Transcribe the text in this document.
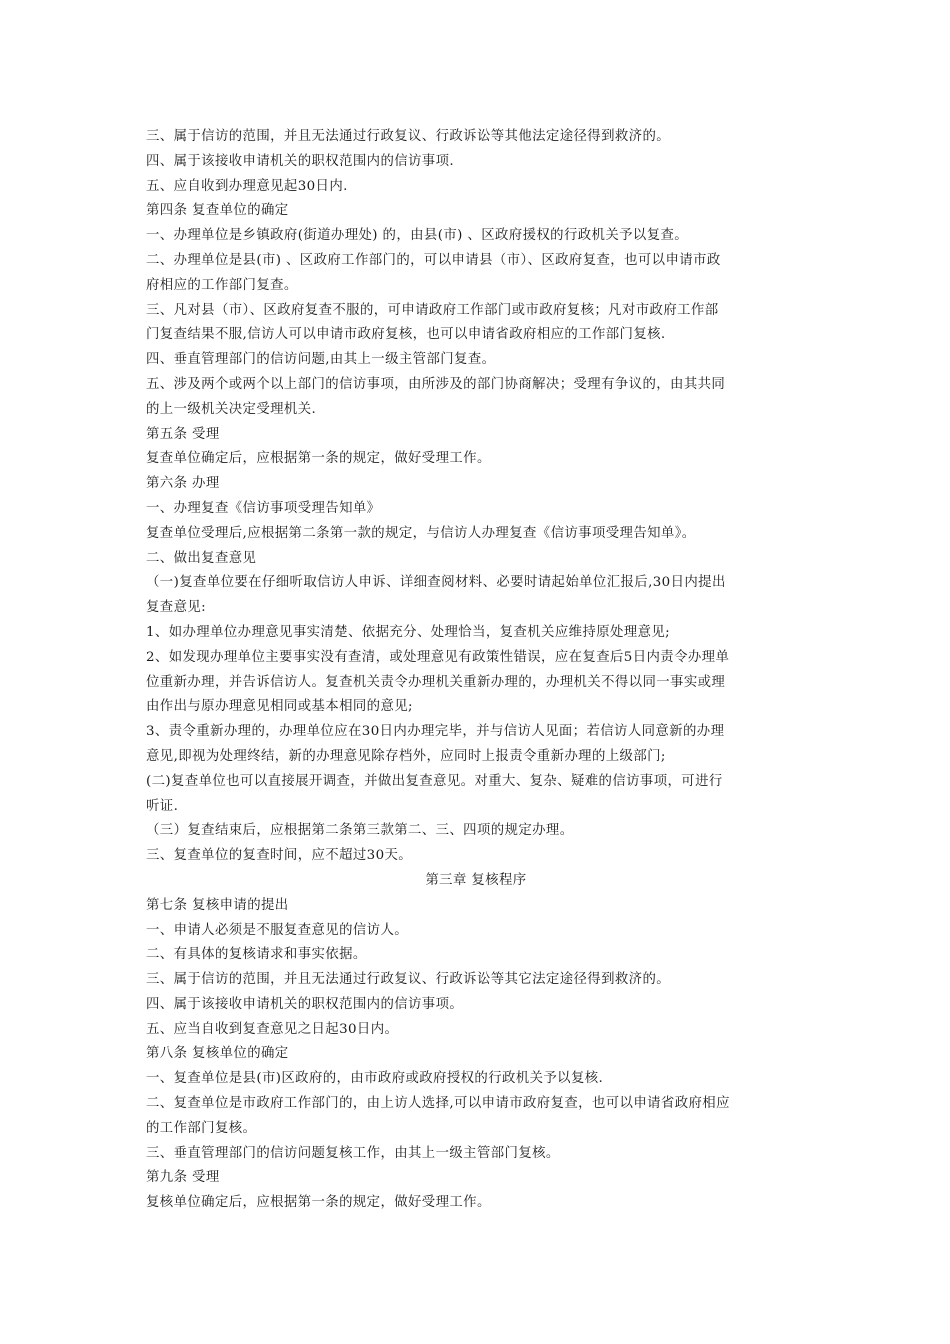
三、属于信访的范围，并且无法通过行政复议、行政诉讼等其他法定途径得到救济的。
四、属于该接收申请机关的职权范围内的信访事项.
五、应自收到办理意见起30日内.
第四条 复查单位的确定
一、办理单位是乡镇政府(街道办理处) 的，由县(市) 、区政府援权的行政机关予以复查。
二、办理单位是县(市) 、区政府工作部门的，可以申请县（市）、区政府复查，也可以申请市政
府相应的工作部门复查。
三、凡对县（市）、区政府复查不服的，可申请政府工作部门或市政府复核；凡对市政府工作部
门复查结果不服,信访人可以申请市政府复核，也可以申请省政府相应的工作部门复核.
四、垂直管理部门的信访问题,由其上一级主管部门复查。
五、涉及两个或两个以上部门的信访事项，由所涉及的部门协商解决；受理有争议的，由其共同
的上一级机关决定受理机关.
第五条 受理
复查单位确定后，应根据第一条的规定，做好受理工作。
第六条 办理
一、办理复查《信访事项受理告知单》
复查单位受理后,应根据第二条第一款的规定，与信访人办理复查《信访事项受理告知单》。
二、做出复查意见
（一)复查单位要在仔细听取信访人申诉、详细查阅材料、必要时请起始单位汇报后,30日内提出
复查意见:
1、如办理单位办理意见事实清楚、依据充分、处理恰当，复查机关应维持原处理意见;
2、如发现办理单位主要事实没有查清，或处理意见有政策性错误，应在复查后5日内责令办理单
位重新办理，并告诉信访人。复查机关责令办理机关重新办理的，办理机关不得以同一事实或理
由作出与原办理意见相同或基本相同的意见;
3、责令重新办理的，办理单位应在30日内办理完毕，并与信访人见面；若信访人同意新的办理
意见,即视为处理终结，新的办理意见除存档外，应同时上报责令重新办理的上级部门;
(二)复查单位也可以直接展开调查，并做出复查意见。对重大、复杂、疑难的信访事项，可进行
听证.
（三）复查结束后，应根据第二条第三款第二、三、四项的规定办理。
三、复查单位的复查时间，应不超过30天。
第三章 复核程序
第七条 复核申请的提出
一、申请人必须是不服复查意见的信访人。
二、有具体的复核请求和事实依据。
三、属于信访的范围，并且无法通过行政复议、行政诉讼等其它法定途径得到救济的。
四、属于该接收申请机关的职权范围内的信访事项。
五、应当自收到复查意见之日起30日内。
第八条 复核单位的确定
一、复查单位是县(市)区政府的，由市政府或政府授权的行政机关予以复核.
二、复查单位是市政府工作部门的，由上访人选择,可以申请市政府复查，也可以申请省政府相应
的工作部门复核。
三、垂直管理部门的信访问题复核工作，由其上一级主管部门复核。
第九条 受理
复核单位确定后，应根据第一条的规定，做好受理工作。
